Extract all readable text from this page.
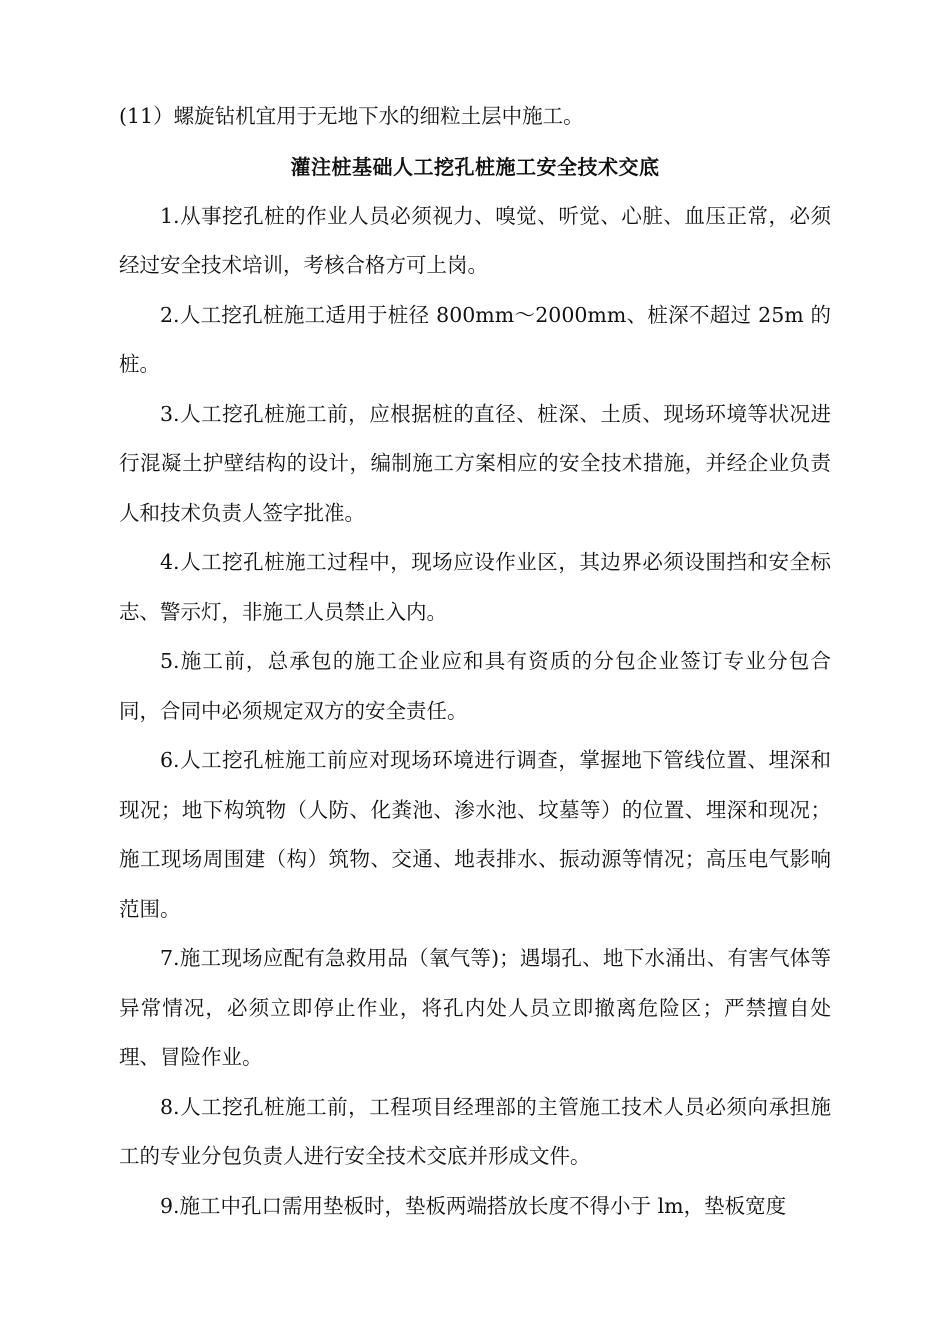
(11）螺旋钻机宜用于无地下水的细粒土层中施工。

灌注桩基础人工挖孔桩施工安全技术交底

1.从事挖孔桩的作业人员必须视力、嗅觉、听觉、心脏、血压正常，必须经过安全技术培训，考核合格方可上岗。

2.人工挖孔桩施工适用于桩径 800mm～2000mm、桩深不超过 25m 的桩。

3.人工挖孔桩施工前，应根据桩的直径、桩深、土质、现场环境等状况进行混凝土护壁结构的设计，编制施工方案相应的安全技术措施，并经企业负责人和技术负责人签字批准。

4.人工挖孔桩施工过程中，现场应设作业区，其边界必须设围挡和安全标志、警示灯，非施工人员禁止入内。

5.施工前，总承包的施工企业应和具有资质的分包企业签订专业分包合同，合同中必须规定双方的安全责任。

6.人工挖孔桩施工前应对现场环境进行调查，掌握地下管线位置、埋深和现况；地下构筑物（人防、化粪池、渗水池、坟墓等）的位置、埋深和现况；施工现场周围建（构）筑物、交通、地表排水、振动源等情况；高压电气影响范围。

7.施工现场应配有急救用品（氧气等)；遇塌孔、地下水涌出、有害气体等异常情况，必须立即停止作业，将孔内处人员立即撤离危险区；严禁擅自处理、冒险作业。

8.人工挖孔桩施工前，工程项目经理部的主管施工技术人员必须向承担施工的专业分包负责人进行安全技术交底并形成文件。

9.施工中孔口需用垫板时，垫板两端搭放长度不得小于 lm，垫板宽度
